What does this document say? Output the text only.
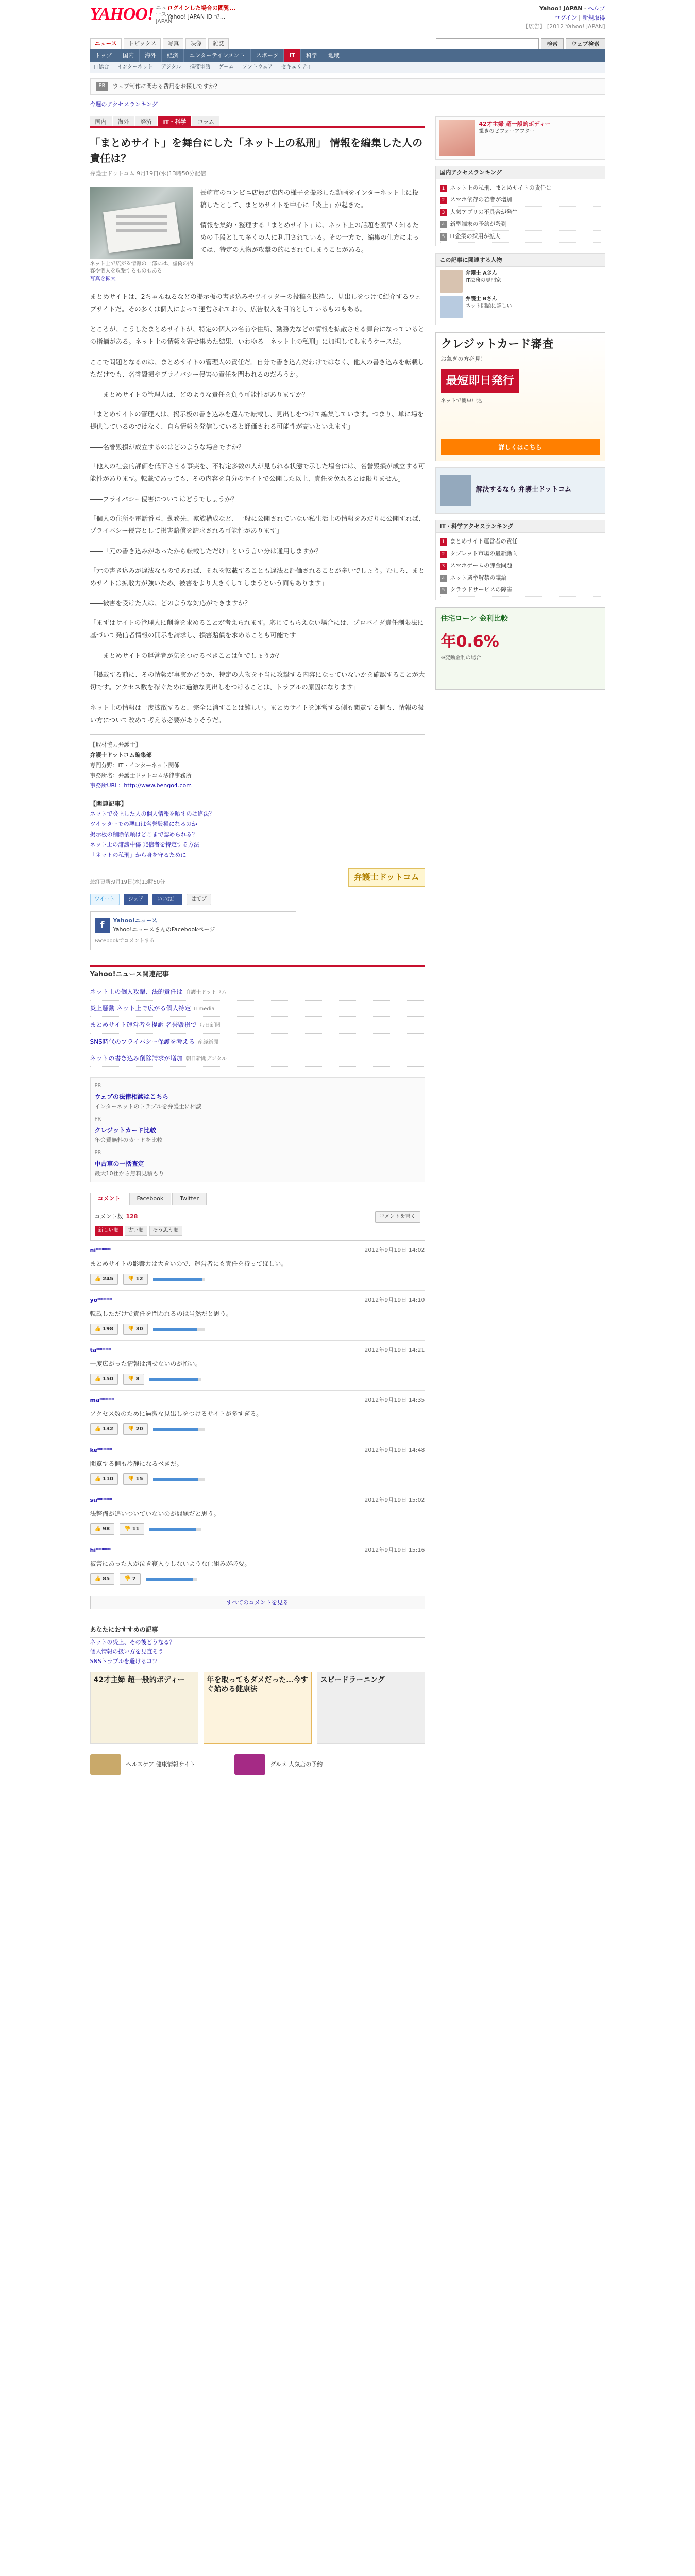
YAHOO! ニュース
JAPAN
ログインした場合の閲覧...
Yahoo! JAPAN ID で...
Yahoo! JAPAN - ヘルプ
ログイン | 新規取得
【広告】 [2012 Yahoo! JAPAN]
ニュース	トピックス	写真	映像	雑誌	検索	ウェブ検索
トップ	国内	海外	経済	エンターテインメント	スポーツ	IT	科学	地域
IT総合	インターネット	デジタル	携帯電話	ゲーム	ソフトウェア	セキュリティ
PR	ウェブ制作に関わる費用をお探しですか？
今週のアクセスランキング
国内	海外	経済	IT・科学	コラム
「まとめサイト」を舞台にした「ネット上の私刑」 情報を編集した人の責任は？
弁護士ドットコム 9月19日(水)13時50分配信
ネット上で広がる情報の一部には、虚偽の内容や個人を攻撃するものもある
写真を拡大

長崎市のコンビニ店員が店内の様子を撮影した動画をインターネット上に投稿したとして、まとめサイトを中心に「炎上」が起きた。

情報を集約・整理する「まとめサイト」は、ネット上の話題を素早く知るための手段として多くの人に利用されている。その一方で、編集の仕方によっては、特定の人物が攻撃の的にされてしまうことがある。

まとめサイトは、2ちゃんねるなどの掲示板の書き込みやツイッターの投稿を抜粋し、見出しをつけて紹介するウェブサイトだ。その多くは個人によって運営されており、広告収入を目的としているものもある。

ところが、こうしたまとめサイトが、特定の個人の名前や住所、勤務先などの情報を拡散させる舞台になっているとの指摘がある。ネット上の情報を寄せ集めた結果、いわゆる「ネット上の私刑」に加担してしまうケースだ。

ここで問題となるのは、まとめサイトの管理人の責任だ。自分で書き込んだわけではなく、他人の書き込みを転載しただけでも、名誉毀損やプライバシー侵害の責任を問われるのだろうか。

――まとめサイトの管理人は、どのような責任を負う可能性がありますか？

「まとめサイトの管理人は、掲示板の書き込みを選んで転載し、見出しをつけて編集しています。つまり、単に場を提供しているのではなく、自ら情報を発信していると評価される可能性が高いといえます」

――名誉毀損が成立するのはどのような場合ですか？

「他人の社会的評価を低下させる事実を、不特定多数の人が見られる状態で示した場合には、名誉毀損が成立する可能性があります。転載であっても、その内容を自分のサイトで公開した以上、責任を免れるとは限りません」

――プライバシー侵害についてはどうでしょうか？

「個人の住所や電話番号、勤務先、家族構成など、一般に公開されていない私生活上の情報をみだりに公開すれば、プライバシー侵害として損害賠償を請求される可能性があります」

――「元の書き込みがあったから転載しただけ」という言い分は通用しますか？

「元の書き込みが違法なものであれば、それを転載することも違法と評価されることが多いでしょう。むしろ、まとめサイトは拡散力が強いため、被害をより大きくしてしまうという面もあります」

――被害を受けた人は、どのような対応ができますか？

「まずはサイトの管理人に削除を求めることが考えられます。応じてもらえない場合には、プロバイダ責任制限法に基づいて発信者情報の開示を請求し、損害賠償を求めることも可能です」

――まとめサイトの運営者が気をつけるべきことは何でしょうか？

「掲載する前に、その情報が事実かどうか、特定の人物を不当に攻撃する内容になっていないかを確認することが大切です。アクセス数を稼ぐために過激な見出しをつけることは、トラブルの原因になります」

ネット上の情報は一度拡散すると、完全に消すことは難しい。まとめサイトを運営する側も閲覧する側も、情報の扱い方について改めて考える必要がありそうだ。

【取材協力弁護士】
弁護士ドットコム編集部
専門分野：IT・インターネット関係
事務所名：弁護士ドットコム法律事務所
事務所URL：http://www.bengo4.com
【関連記事】
ネットで炎上した人の個人情報を晒すのは違法？
ツイッターでの悪口は名誉毀損になるのか
掲示板の削除依頼はどこまで認められる？
ネット上の誹謗中傷 発信者を特定する方法
「ネットの私刑」から身を守るために
最終更新:9月19日(水)13時50分
弁護士ドットコム
ツイート	シェア	いいね！	はてブ
f	Yahoo!ニュース
Yahoo!ニュースさんのFacebookページ
Facebookでコメントする
Yahoo!ニュース関連記事
ネット上の個人攻撃、法的責任は 弁護士ドットコム
炎上騒動 ネット上で広がる個人特定 ITmedia
まとめサイト運営者を提訴 名誉毀損で 毎日新聞
SNS時代のプライバシー保護を考える 産経新聞
ネットの書き込み削除請求が増加 朝日新聞デジタル
PR
ウェブの法律相談はこちら
インターネットのトラブルを弁護士に相談
PR
クレジットカード比較
年会費無料のカードを比較
PR
中古車の一括査定
最大10社から無料見積もり
コメント	Facebook	Twitter
コメント数 128	コメントを書く
新しい順	古い順	そう思う順
ni*****	2012年9月19日 14:02
まとめサイトの影響力は大きいので、運営者にも責任を持ってほしい。
👍 245	👎 12
yo*****	2012年9月19日 14:10
転載しただけで責任を問われるのは当然だと思う。
👍 198	👎 30
ta*****	2012年9月19日 14:21
一度広がった情報は消せないのが怖い。
👍 150	👎 8
ma*****	2012年9月19日 14:35
アクセス数のために過激な見出しをつけるサイトが多すぎる。
👍 132	👎 20
ke*****	2012年9月19日 14:48
閲覧する側も冷静になるべきだ。
👍 110	👎 15
su*****	2012年9月19日 15:02
法整備が追いついていないのが問題だと思う。
👍 98	👎 11
hi*****	2012年9月19日 15:16
被害にあった人が泣き寝入りしないような仕組みが必要。
👍 85	👎 7
すべてのコメントを見る
あなたにおすすめの記事
ネットの炎上、その後どうなる？
個人情報の扱い方を見直そう
SNSトラブルを避けるコツ
42才主婦 超一般的ボディー	年を取ってもダメだった…今すぐ始める健康法
スピードラーニング
ヘルスケア 健康情報サイト	グルメ 人気店の予約
42才主婦 超一般的ボディー
驚きのビフォーアフター
国内アクセスランキング
1 ネット上の私刑、まとめサイトの責任は
2 スマホ依存の若者が増加
3 人気アプリの不具合が発生
4 新型端末の予約が殺到
5 IT企業の採用が拡大
この記事に関連する人物
弁護士 Aさん
IT法務の専門家
弁護士 Bさん
ネット問題に詳しい
クレジットカード審査
お急ぎの方必見！
最短即日発行
ネットで簡単申込
詳しくはこちら
解決するなら 弁護士ドットコム
IT・科学アクセスランキング
1 まとめサイト運営者の責任
2 タブレット市場の最新動向
3 スマホゲームの課金問題
4 ネット選挙解禁の議論
5 クラウドサービスの障害
住宅ローン 金利比較
年0.6%
※変動金利の場合
